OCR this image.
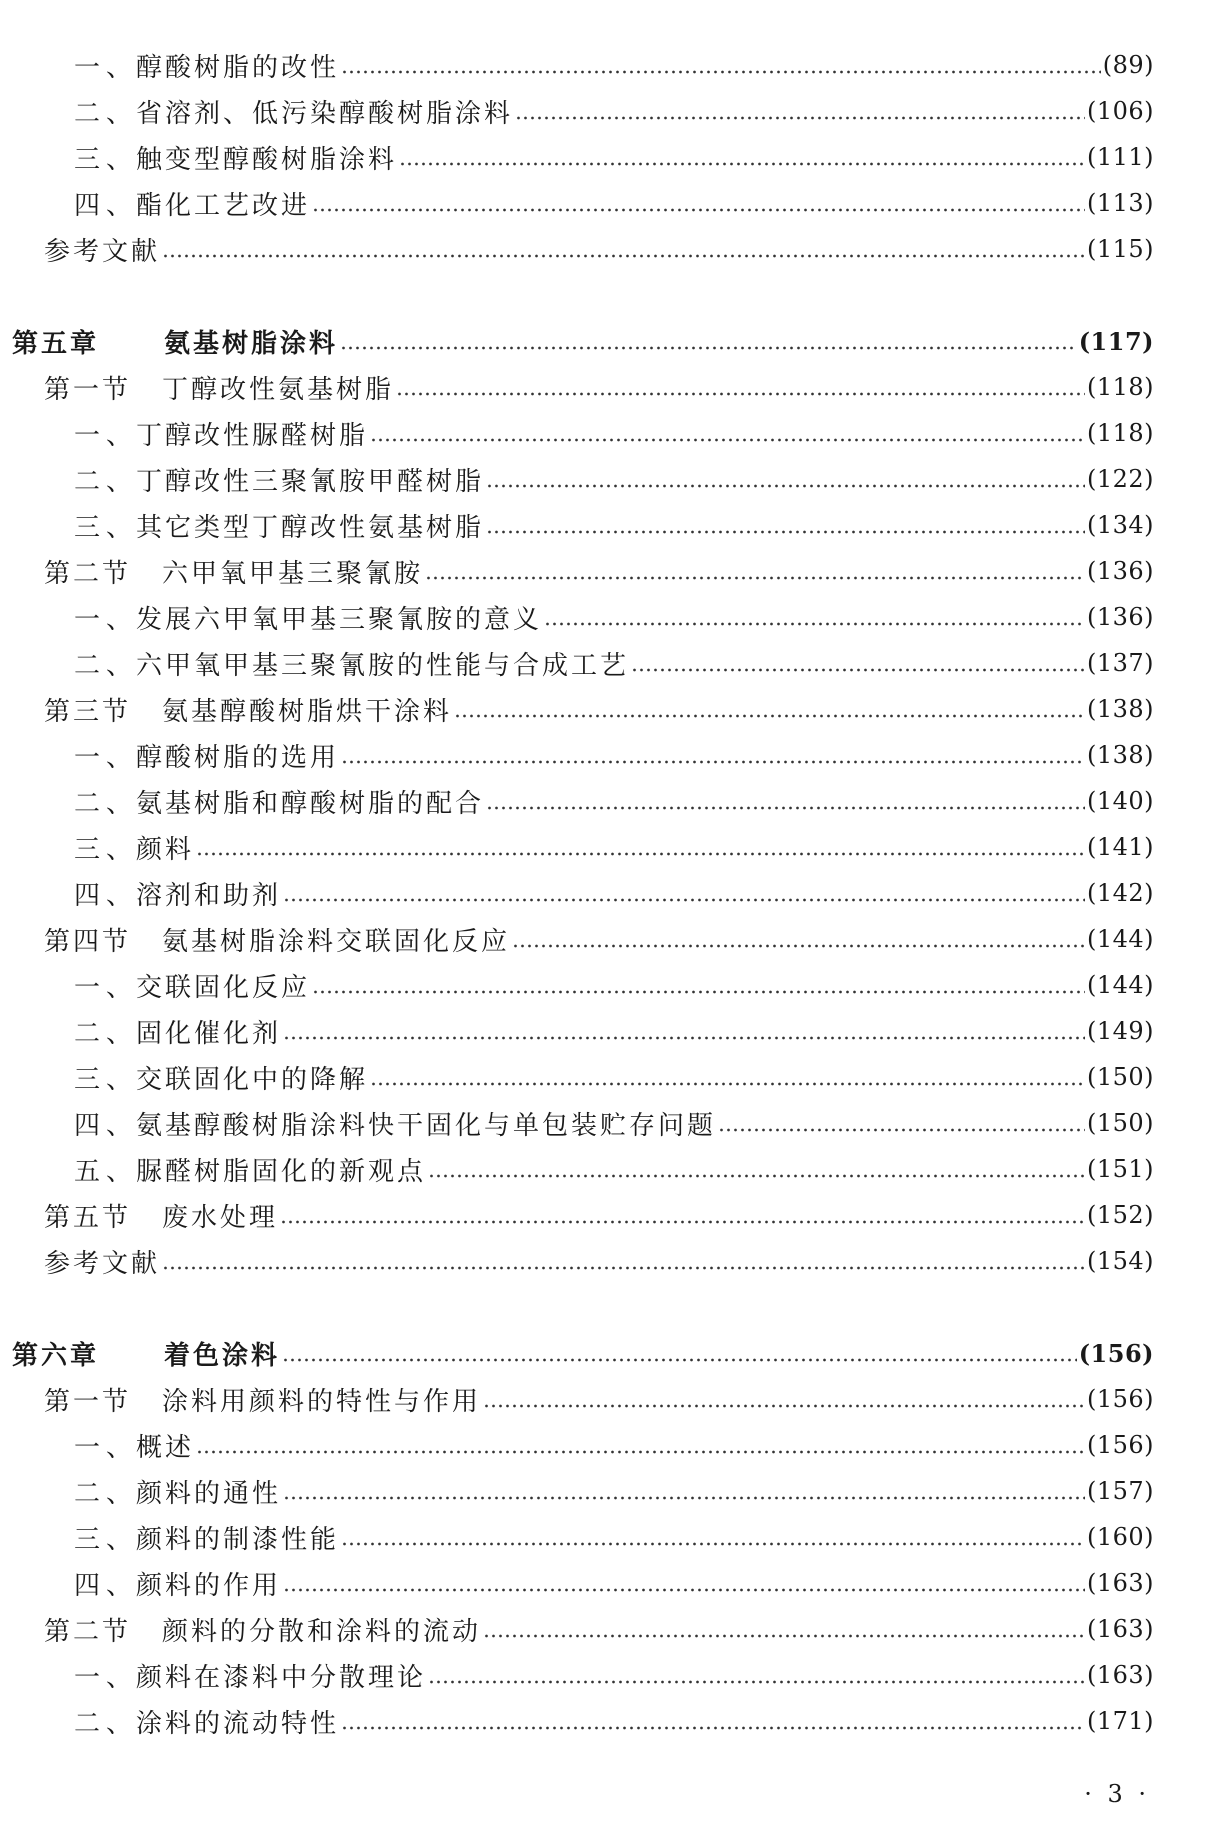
一、醇酸树脂的改性	(89)
二、省溶剂、低污染醇酸树脂涂料	(106)
三、触变型醇酸树脂涂料	(111)
四、酯化工艺改进	(113)
参考文献	(115)
第五章 氨基树脂涂料	(117)
第一节 丁醇改性氨基树脂	(118)
一、丁醇改性脲醛树脂	(118)
二、丁醇改性三聚氰胺甲醛树脂	(122)
三、其它类型丁醇改性氨基树脂	(134)
第二节 六甲氧甲基三聚氰胺	(136)
一、发展六甲氧甲基三聚氰胺的意义	(136)
二、六甲氧甲基三聚氰胺的性能与合成工艺	(137)
第三节 氨基醇酸树脂烘干涂料	(138)
一、醇酸树脂的选用	(138)
二、氨基树脂和醇酸树脂的配合	(140)
三、颜料	(141)
四、溶剂和助剂	(142)
第四节 氨基树脂涂料交联固化反应	(144)
一、交联固化反应	(144)
二、固化催化剂	(149)
三、交联固化中的降解	(150)
四、氨基醇酸树脂涂料快干固化与单包装贮存问题	(150)
五、脲醛树脂固化的新观点	(151)
第五节 废水处理	(152)
参考文献	(154)
第六章 着色涂料	(156)
第一节 涂料用颜料的特性与作用	(156)
一、概述	(156)
二、颜料的通性	(157)
三、颜料的制漆性能	(160)
四、颜料的作用	(163)
第二节 颜料的分散和涂料的流动	(163)
一、颜料在漆料中分散理论	(163)
二、涂料的流动特性	(171)
· 3 ·
